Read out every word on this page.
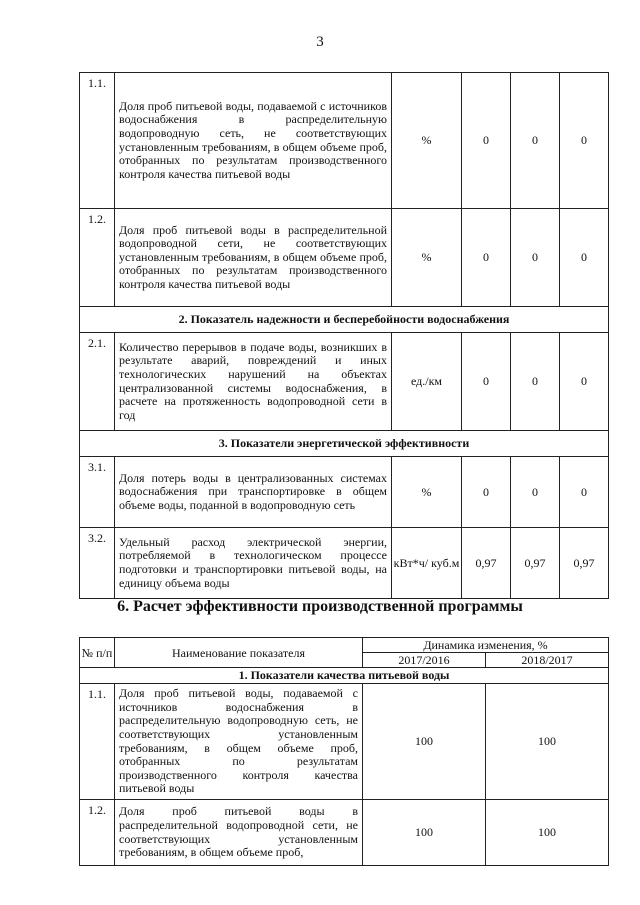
3
1.1.	Доля проб питьевой воды, подаваемой с источников водоснабжения в распределительную водопроводную сеть, не соответствующих установленным требованиям, в общем объеме проб, отобранных по результатам производственного контроля качества питьевой воды	%	0	0	0
1.2.	Доля проб питьевой воды в распределительной водопроводной сети, не соответствующих установленным требованиям, в общем объеме проб, отобранных по результатам производственного контроля качества питьевой воды	%	0	0	0
2. Показатель надежности и бесперебойности водоснабжения					
2.1.	Количество перерывов в подаче воды, возникших в результате аварий, повреждений и иных технологических нарушений на объектах централизованной системы водоснабжения, в расчете на протяженность водопроводной сети в год	ед./км	0	0	0
3. Показатели энергетической эффективности					
3.1.	Доля потерь воды в централизованных системах водоснабжения при транспортировке в общем объеме воды, поданной в водопроводную сеть	%	0	0	0
3.2.	Удельный расход электрической энергии, потребляемой в технологическом процессе подготовки и транспортировки питьевой воды, на единицу объема воды	кВт*ч/ куб.м	0,97	0,97	0,97
6. Расчет эффективности производственной программы
№ п/п	Наименование показателя	Динамика изменения, %	
		2017/2016	2018/2017
1. Показатели качества питьевой воды			
1.1.	Доля проб питьевой воды, подаваемой с источников водоснабжения в распределительную водопроводную сеть, не соответствующих установленным требованиям, в общем объеме проб, отобранных по результатам производственного контроля качества питьевой воды	100	100
1.2.	Доля проб питьевой воды в распределительной водопроводной сети, не соответствующих установленным требованиям, в общем объеме проб,	100	100
